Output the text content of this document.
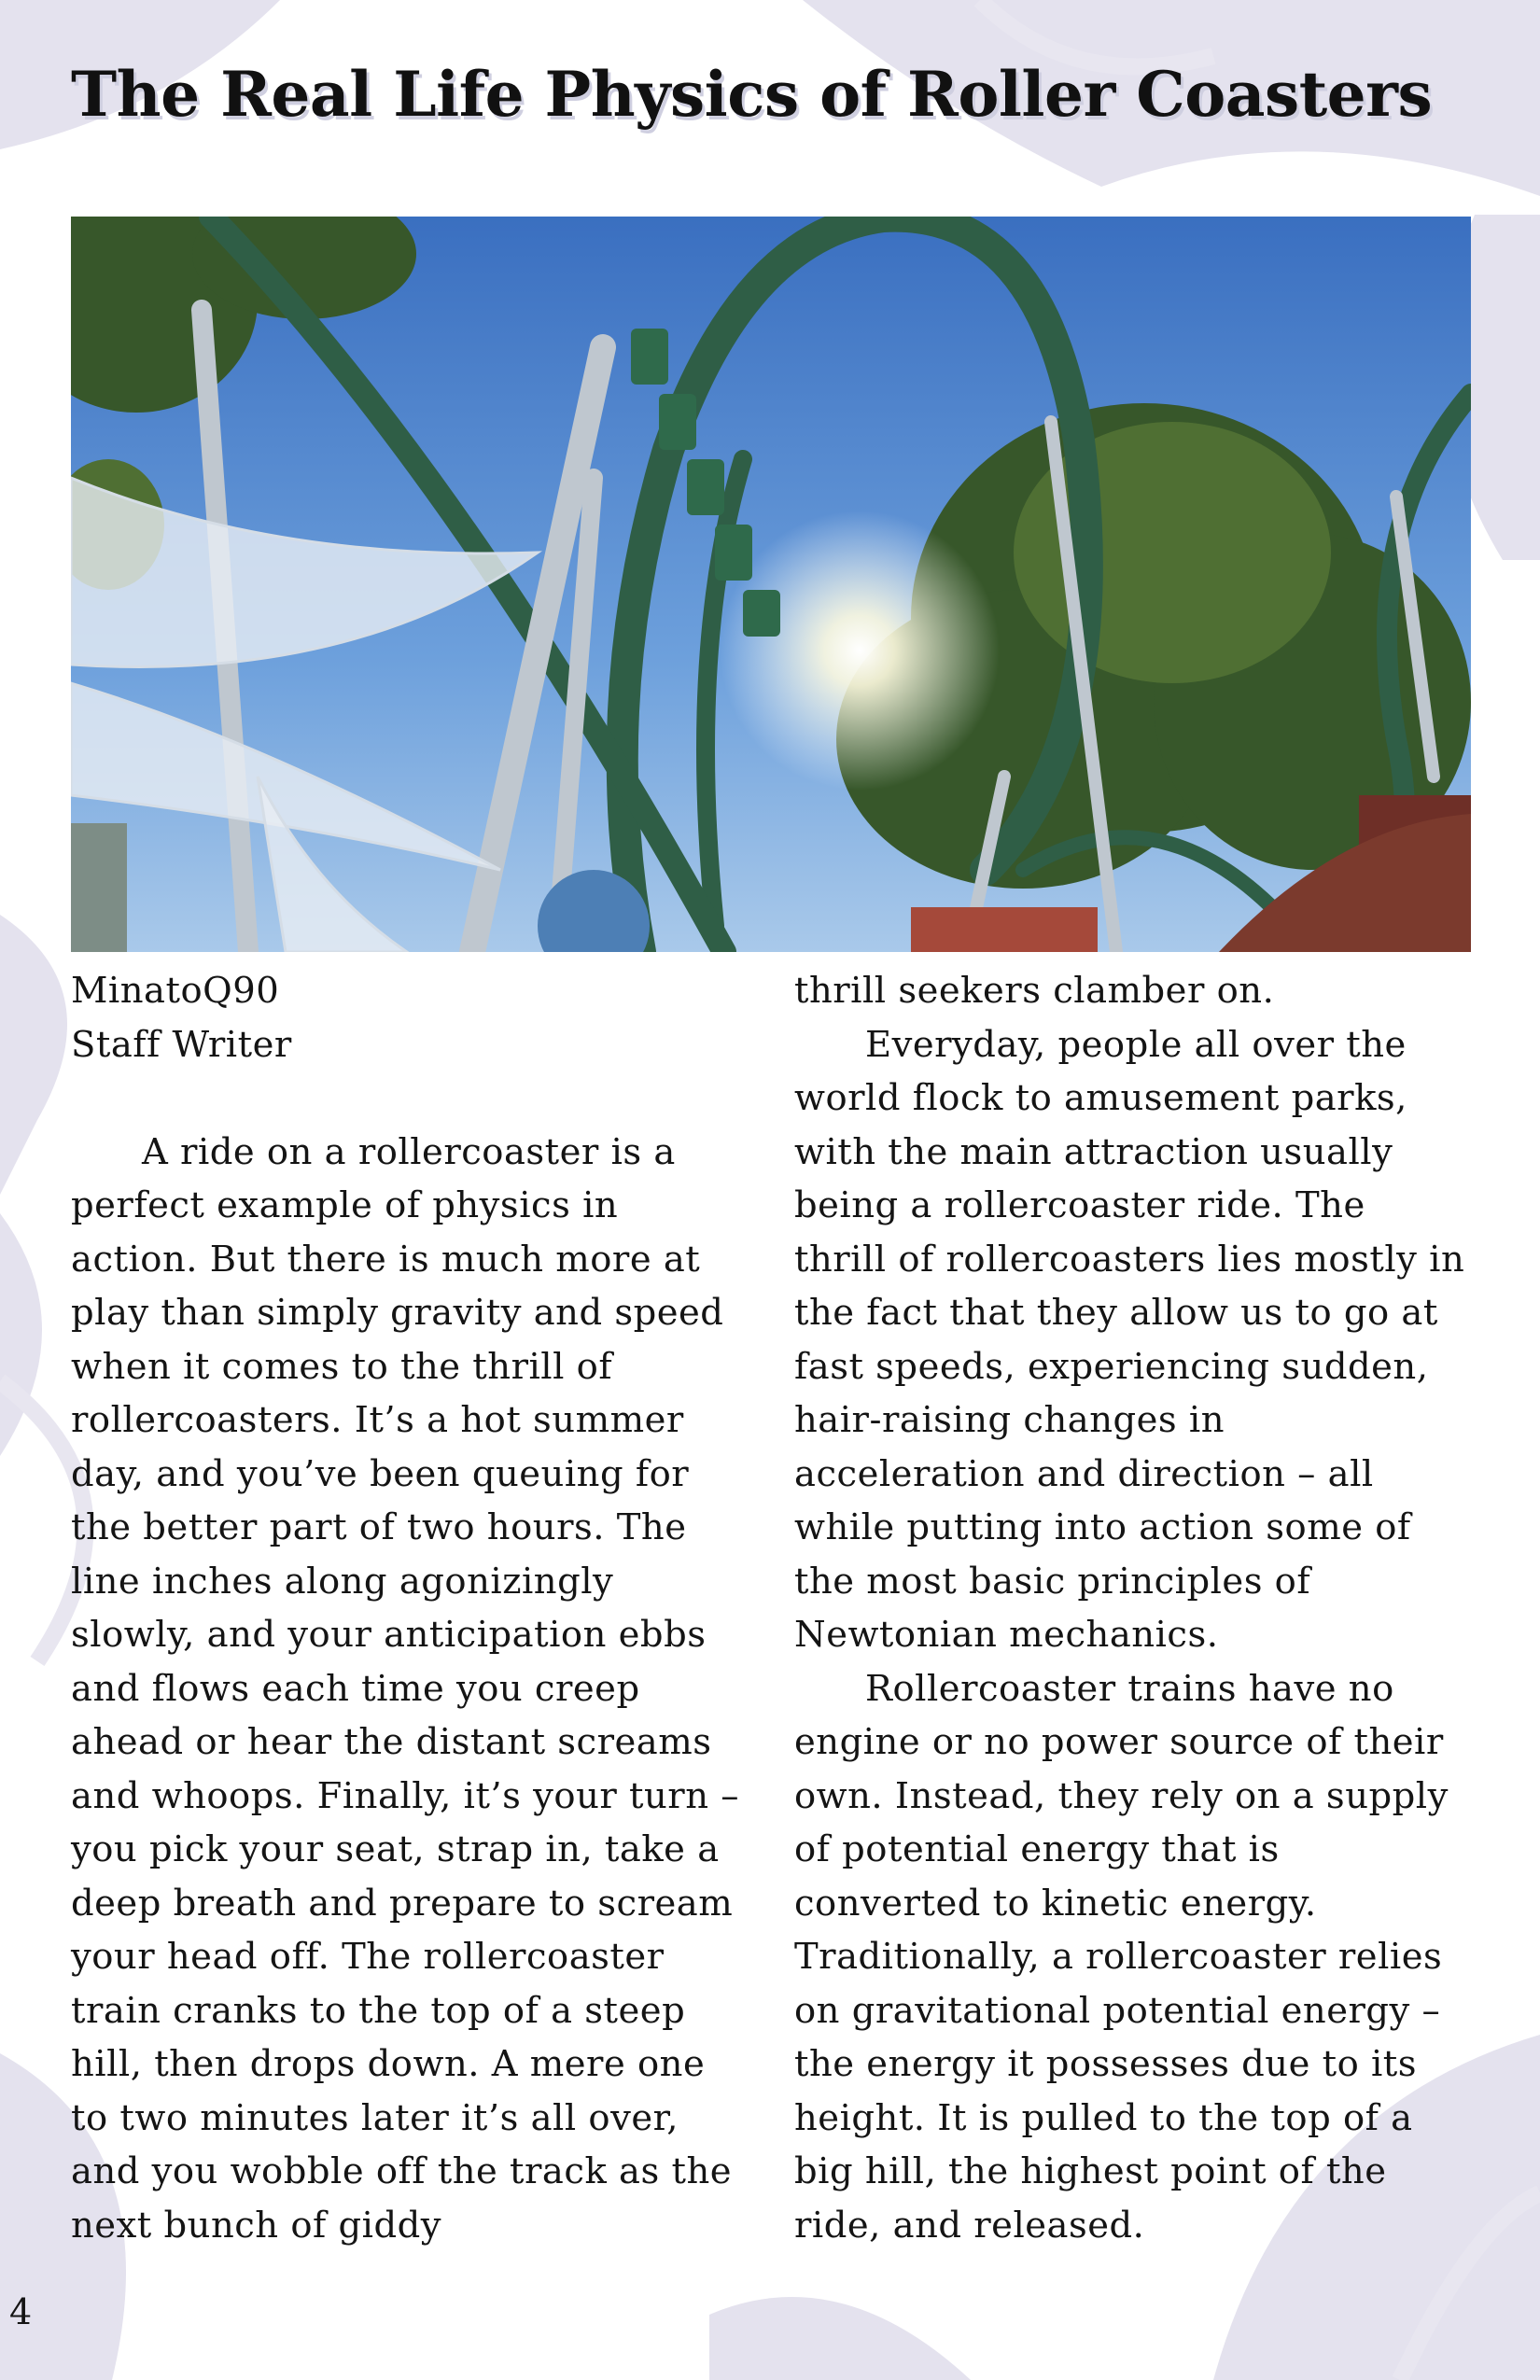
The Real Life Physics of Roller Coasters

MinatoQ90

Staff Writer

A ride on a rollercoaster is a perfect example of physics in action. But there is much more at play than simply gravity and speed when it comes to the thrill of rollercoasters. It’s a hot summer day, and you’ve been queuing for the better part of two hours. The line inches along agonizingly slowly, and your anticipation ebbs and flows each time you creep ahead or hear the distant screams and whoops. Finally, it’s your turn – you pick your seat, strap in, take a deep breath and prepare to scream your head off. The rollercoaster train cranks to the top of a steep hill, then drops down. A mere one to two minutes later it’s all over, and you wobble off the track as the next bunch of giddy

thrill seekers clamber on.

Everyday, people all over the world flock to amusement parks, with the main attraction usually being a rollercoaster ride. The thrill of rollercoasters lies mostly in the fact that they allow us to go at fast speeds, experiencing sudden, hair-raising changes in acceleration and direction – all while putting into action some of the most basic principles of Newtonian mechanics.

Rollercoaster trains have no engine or no power source of their own. Instead, they rely on a supply of potential energy that is converted to kinetic energy. Traditionally, a rollercoaster relies on gravitational potential energy – the energy it possesses due to its height. It is pulled to the top of a big hill, the highest point of the ride, and released.

4
